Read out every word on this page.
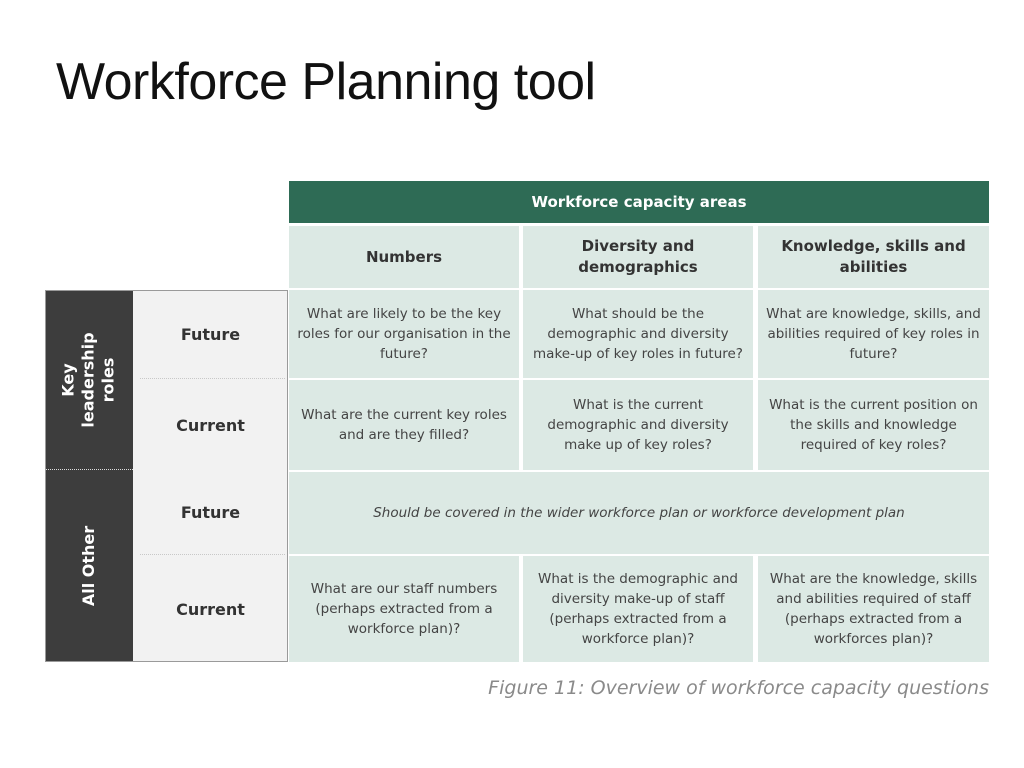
Workforce Planning tool
Workforce capacity areas
Numbers
Diversity and demographics
Knowledge, skills and abilities
Key leadership
roles
All Other
Future
Current
Future
Current
What are likely to be the key roles for our organisation in the future?
What should be the demographic and diversity make-up of key roles in future?
What are knowledge, skills, and abilities required of key roles in future?
What are the current key roles and are they filled?
What is the current demographic and diversity make up of key roles?
What is the current position on the skills and knowledge required of key roles?
Should be covered in the wider workforce plan or workforce development plan
What are our staff numbers (perhaps extracted from a workforce plan)?
What is the demographic and diversity make-up of staff (perhaps extracted from a workforce plan)?
What are the knowledge, skills and abilities required of staff (perhaps extracted from a workforces plan)?
Figure 11: Overview of workforce capacity questions
